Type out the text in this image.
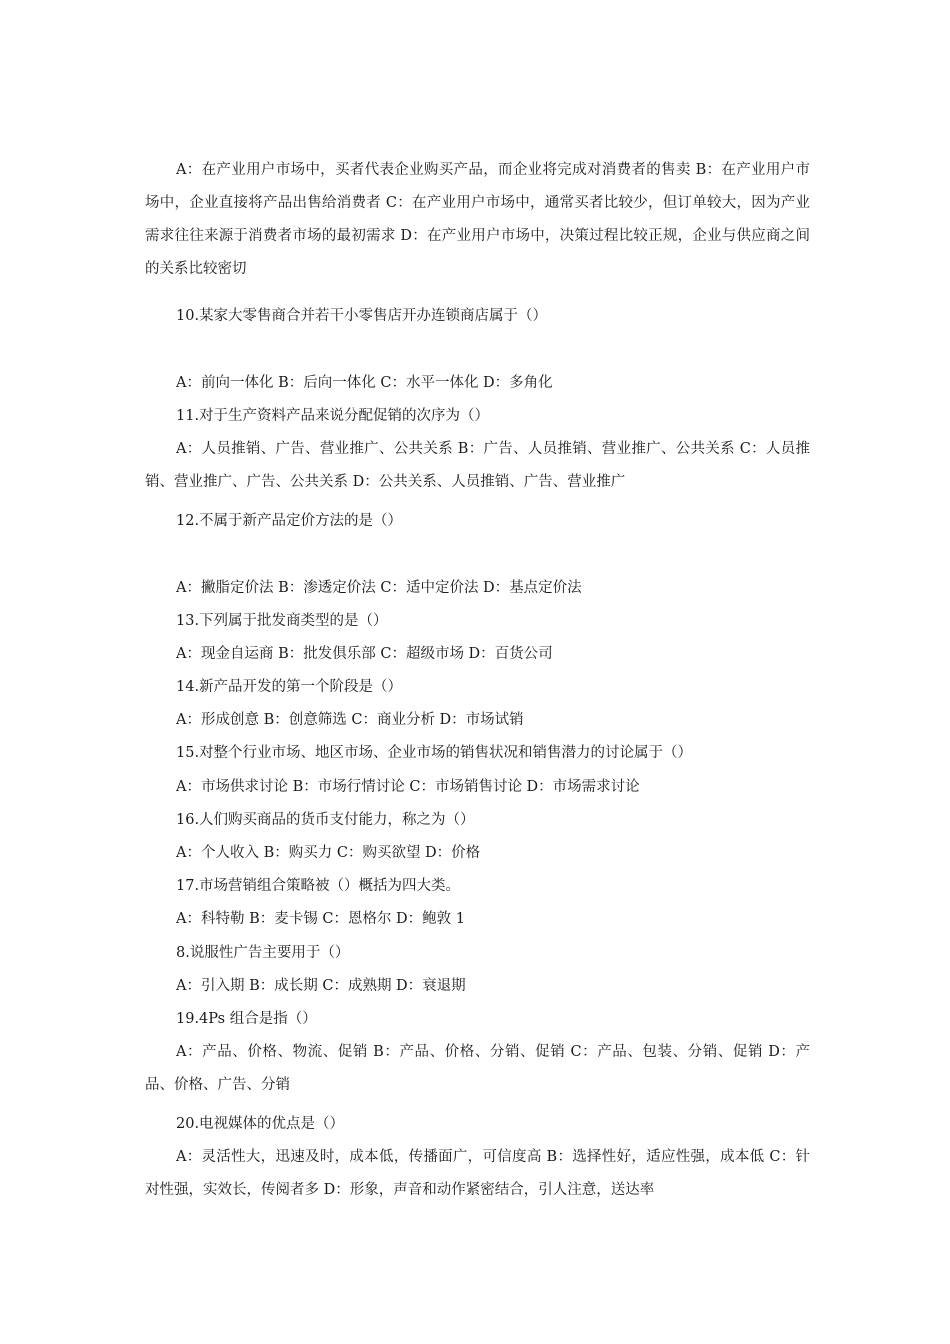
A：在产业用户市场中，买者代表企业购买产品，而企业将完成对消费者的售卖 B：在产业用户市场中，企业直接将产品出售给消费者 C：在产业用户市场中，通常买者比较少，但订单较大，因为产业需求往往来源于消费者市场的最初需求 D：在产业用户市场中，决策过程比较正规，企业与供应商之间的关系比较密切
10.某家大零售商合并若干小零售店开办连锁商店属于（）
A：前向一体化 B：后向一体化 C：水平一体化 D：多角化
11.对于生产资料产品来说分配促销的次序为（）
A：人员推销、广告、营业推广、公共关系 B：广告、人员推销、营业推广、公共关系 C：人员推销、营业推广、广告、公共关系 D：公共关系、人员推销、广告、营业推广
12.不属于新产品定价方法的是（）
A：撇脂定价法 B：渗透定价法 C：适中定价法 D：基点定价法
13.下列属于批发商类型的是（）
A：现金自运商 B：批发俱乐部 C：超级市场 D：百货公司
14.新产品开发的第一个阶段是（）
A：形成创意 B：创意筛选 C：商业分析 D：市场试销
15.对整个行业市场、地区市场、企业市场的销售状况和销售潜力的讨论属于（）
A：市场供求讨论 B：市场行情讨论 C：市场销售讨论 D：市场需求讨论
16.人们购买商品的货币支付能力，称之为（）
A：个人收入 B：购买力 C：购买欲望 D：价格
17.市场营销组合策略被（）概括为四大类。
A：科特勒 B：麦卡锡 C：恩格尔 D：鲍敦 1
8.说服性广告主要用于（）
A：引入期 B：成长期 C：成熟期 D：衰退期
19.4Ps 组合是指（）
A：产品、价格、物流、促销 B：产品、价格、分销、促销 C：产品、包装、分销、促销 D：产品、价格、广告、分销
20.电视媒体的优点是（）
A：灵活性大，迅速及时，成本低，传播面广，可信度高 B：选择性好，适应性强，成本低 C：针对性强，实效长，传阅者多 D：形象，声音和动作紧密结合，引人注意，送达率
